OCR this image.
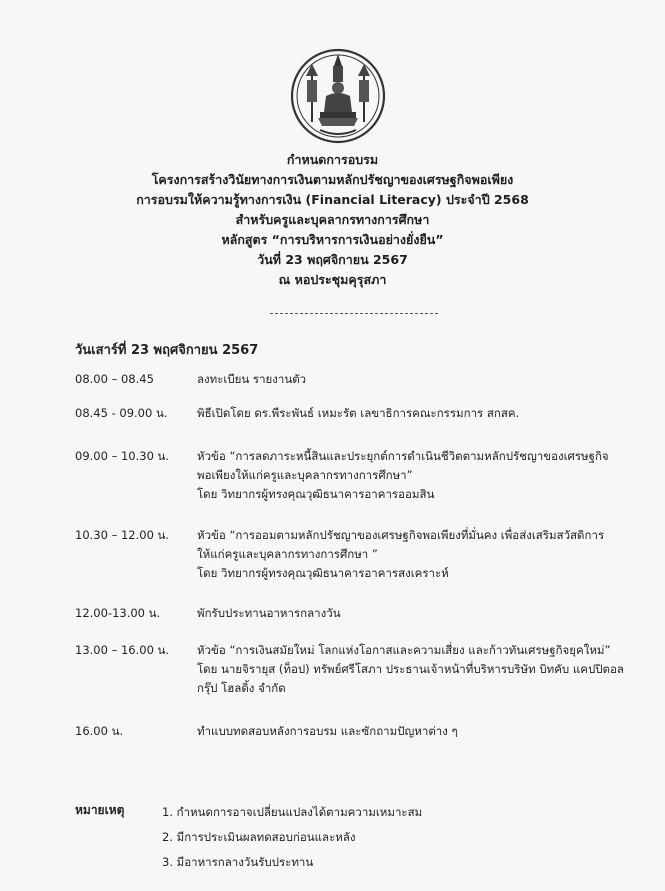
กำหนดการอบรม
โครงการสร้างวินัยทางการเงินตามหลักปรัชญาของเศรษฐกิจพอเพียง
การอบรมให้ความรู้ทางการเงิน (Financial Literacy) ประจำปี 2568
สำหรับครูและบุคลากรทางการศึกษา
หลักสูตร “การบริหารการเงินอย่างยั่งยืน”
วันที่ 23 พฤศจิกายน 2567
ณ หอประชุมคุรุสภา
วันเสาร์ที่ 23 พฤศจิกายน 2567
08.00 – 08.45	ลงทะเบียน รายงานตัว
08.45 - 09.00 น.	พิธีเปิดโดย ดร.พีระพันธ์ เหมะรัต เลขาธิการคณะกรรมการ สกสค.
09.00 – 10.30 น. หัวข้อ “การลดภาระหนี้สินและประยุกต์การดำเนินชีวิตตามหลักปรัชญาของเศรษฐกิจ
พอเพียงให้แก่ครูและบุคลากรทางการศึกษา”
โดย วิทยากรผู้ทรงคุณวุฒิธนาคารอาคารออมสิน
10.30 – 12.00 น. หัวข้อ “การออมตามหลักปรัชญาของเศรษฐกิจพอเพียงที่มั่นคง เพื่อส่งเสริมสวัสดิการ
ให้แก่ครูและบุคลากรทางการศึกษา ”
โดย วิทยากรผู้ทรงคุณวุฒิธนาคารอาคารสงเคราะห์
12.00-13.00 น.	พักรับประทานอาหารกลางวัน
13.00 – 16.00 น. หัวข้อ “การเงินสมัยใหม่ โลกแห่งโอกาสและความเสี่ยง และก้าวทันเศรษฐกิจยุคใหม่”
โดย นายจิรายุส (ท็อป) ทรัพย์ศรีโสภา ประธานเจ้าหน้าที่บริหารบริษัท บิทคับ แคปปิตอล
กรุ๊ป โฮลดิ้ง จำกัด
16.00 น.	ทำแบบทดสอบหลังการอบรม และซักถามปัญหาต่าง ๆ
หมายเหตุ	1. กำหนดการอาจเปลี่ยนแปลงได้ตามความเหมาะสม
2. มีการประเมินผลทดสอบก่อนและหลัง
3. มีอาหารกลางวันรับประทาน
